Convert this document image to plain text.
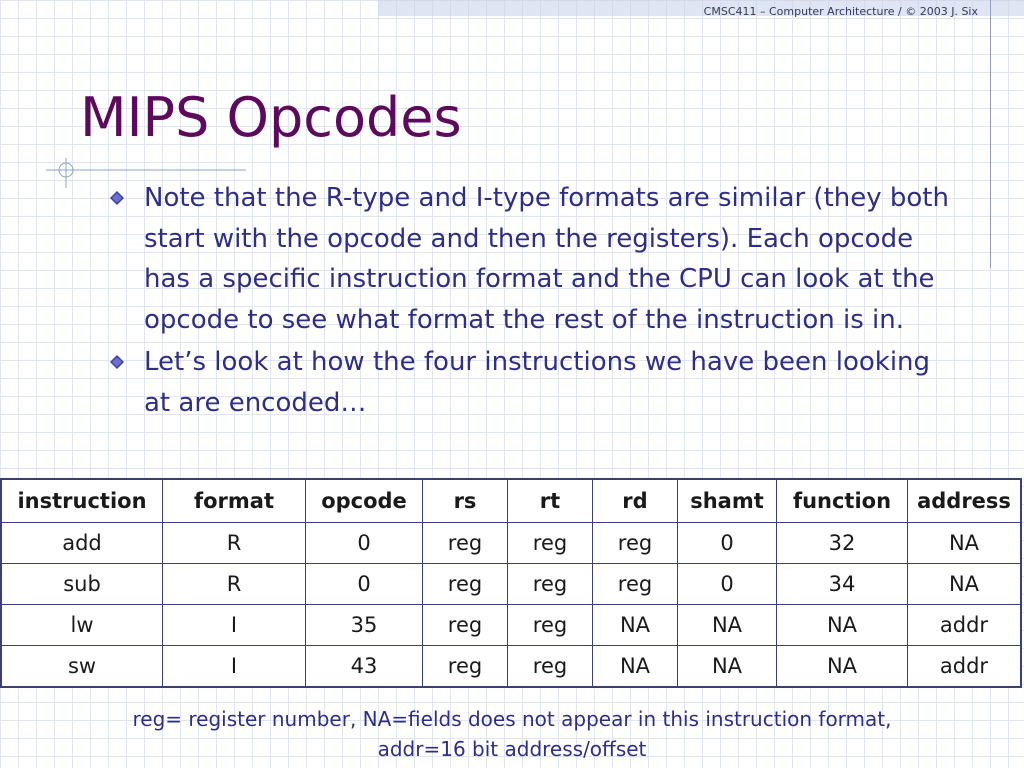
CMSC411 – Computer Architecture / © 2003 J. Six
MIPS Opcodes
Note that the R-type and I-type formats are similar (they both start with the opcode and then the registers). Each opcode has a specific instruction format and the CPU can look at the opcode to see what format the rest of the instruction is in.
Let’s look at how the four instructions we have been looking at are encoded…
instruction	format	opcode	rs	rt	rd	shamt	function	address
add	R	0	reg	reg	reg	0	32	NA
sub	R	0	reg	reg	reg	0	34	NA
lw	I	35	reg	reg	NA	NA	NA	addr
sw	I	43	reg	reg	NA	NA	NA	addr

reg= register number, NA=fields does not appear in this instruction format,
addr=16 bit address/offset
